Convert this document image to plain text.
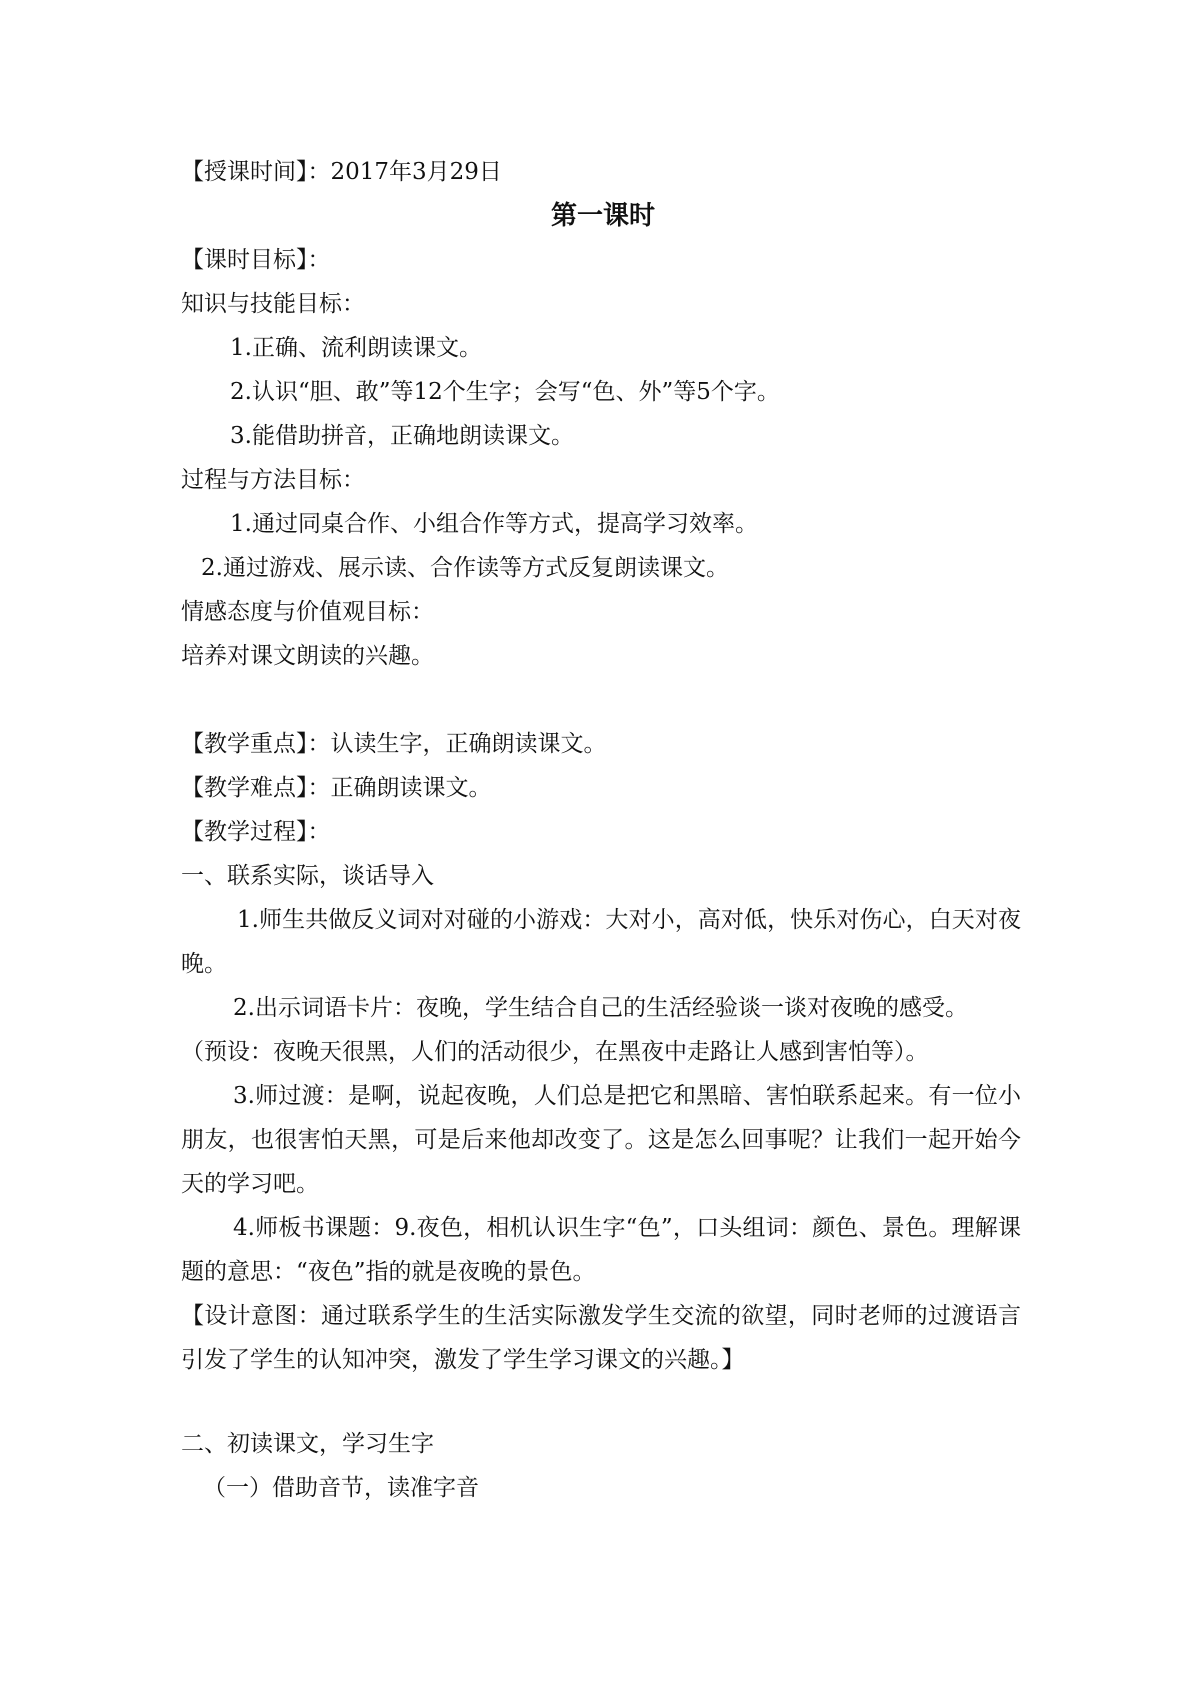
【授课时间】：2017年3月29日
第一课时
【课时目标】：
知识与技能目标：
1.正确、流利朗读课文。
2.认识“胆、敢”等12个生字；会写“色、外”等5个字。
3.能借助拼音，正确地朗读课文。
过程与方法目标：
1.通过同桌合作、小组合作等方式，提高学习效率。
2.通过游戏、展示读、合作读等方式反复朗读课文。
情感态度与价值观目标：
培养对课文朗读的兴趣。
【教学重点】：认读生字，正确朗读课文。
【教学难点】：正确朗读课文。
【教学过程】：
一、联系实际，谈话导入
1.师生共做反义词对对碰的小游戏：大对小，高对低，快乐对伤心，白天对夜晚。
2.出示词语卡片：夜晚，学生结合自己的生活经验谈一谈对夜晚的感受。
（预设：夜晚天很黑，人们的活动很少，在黑夜中走路让人感到害怕等）。
3.师过渡：是啊，说起夜晚，人们总是把它和黑暗、害怕联系起来。有一位小朋友，也很害怕天黑，可是后来他却改变了。这是怎么回事呢？让我们一起开始今天的学习吧。
4.师板书课题：9.夜色，相机认识生字“色”，口头组词：颜色、景色。理解课题的意思：“夜色”指的就是夜晚的景色。
【设计意图：通过联系学生的生活实际激发学生交流的欲望，同时老师的过渡语言引发了学生的认知冲突，激发了学生学习课文的兴趣。】
二、初读课文，学习生字
（一）借助音节，读准字音
